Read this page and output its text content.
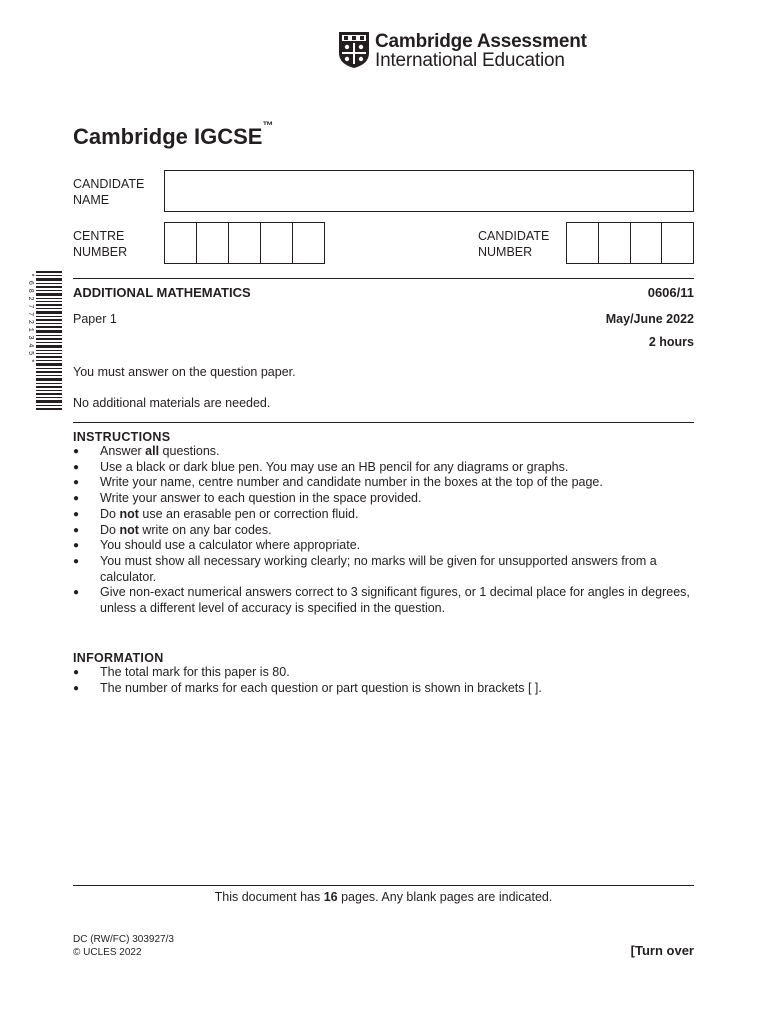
Cambridge Assessment
International Education
Cambridge IGCSE™
CANDIDATE
NAME
CENTRE
NUMBER
CANDIDATE
NUMBER
*6827721345*	ADDITIONAL MATHEMATICS	0606/11
Paper 1	May/June 2022
2 hours
You must answer on the question paper.
No additional materials are needed.
INSTRUCTIONS
● Answer all questions.
● Use a black or dark blue pen. You may use an HB pencil for any diagrams or graphs.
● Write your name, centre number and candidate number in the boxes at the top of the page.
● Write your answer to each question in the space provided.
● Do not use an erasable pen or correction fluid.
● Do not write on any bar codes.
● You should use a calculator where appropriate.
● You must show all necessary working clearly; no marks will be given for unsupported answers from a calculator.
● Give non-exact numerical answers correct to 3 significant figures, or 1 decimal place for angles in degrees, unless a different level of accuracy is specified in the question.
INFORMATION
● The total mark for this paper is 80.
● The number of marks for each question or part question is shown in brackets [ ].
This document has 16 pages. Any blank pages are indicated.
DC (RW/FC) 303927/3
© UCLES 2022	[Turn over
